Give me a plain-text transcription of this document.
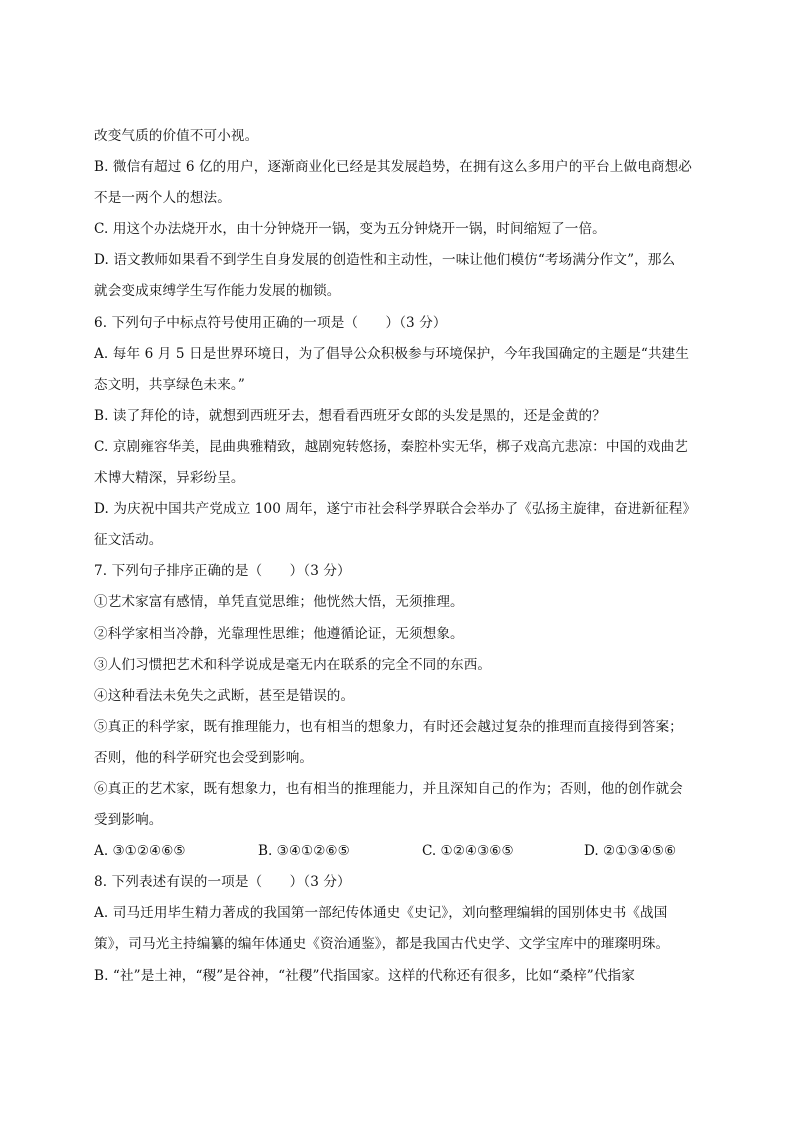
改变气质的价值不可小视。
B. 微信有超过 6 亿的用户，逐渐商业化已经是其发展趋势，在拥有这么多用户的平台上做电商想必
不是一两个人的想法。
C. 用这个办法烧开水，由十分钟烧开一锅，变为五分钟烧开一锅，时间缩短了一倍。
D. 语文教师如果看不到学生自身发展的创造性和主动性，一味让他们模仿“考场满分作文”，那么
就会变成束缚学生写作能力发展的枷锁。
6. 下列句子中标点符号使用正确的一项是（　　）（3 分）
A. 每年 6 月 5 日是世界环境日，为了倡导公众积极参与环境保护，今年我国确定的主题是“共建生
态文明，共享绿色未来。”
B. 读了拜伦的诗，就想到西班牙去，想看看西班牙女郎的头发是黑的，还是金黄的？
C. 京剧雍容华美，昆曲典雅精致，越剧宛转悠扬，秦腔朴实无华，梆子戏高亢悲凉：中国的戏曲艺
术博大精深，异彩纷呈。
D. 为庆祝中国共产党成立 100 周年，遂宁市社会科学界联合会举办了《弘扬主旋律，奋进新征程》
征文活动。
7. 下列句子排序正确的是（　　）（3 分）
①艺术家富有感情，单凭直觉思维；他恍然大悟，无须推理。
②科学家相当冷静，光靠理性思维；他遵循论证，无须想象。
③人们习惯把艺术和科学说成是毫无内在联系的完全不同的东西。
④这种看法未免失之武断，甚至是错误的。
⑤真正的科学家，既有推理能力，也有相当的想象力，有时还会越过复杂的推理而直接得到答案；
否则，他的科学研究也会受到影响。
⑥真正的艺术家，既有想象力，也有相当的推理能力，并且深知自己的作为；否则，他的创作就会
受到影响。
A. ③①②④⑥⑤	B. ③④①②⑥⑤	C. ①②④③⑥⑤	D. ②①③④⑤⑥
8. 下列表述有误的一项是（　　）（3 分）
A. 司马迁用毕生精力著成的我国第一部纪传体通史《史记》，刘向整理编辑的国别体史书《战国
策》，司马光主持编纂的编年体通史《资治通鉴》，都是我国古代史学、文学宝库中的璀璨明珠。
B. “社”是土神，“稷”是谷神，“社稷”代指国家。这样的代称还有很多，比如“桑梓”代指家
